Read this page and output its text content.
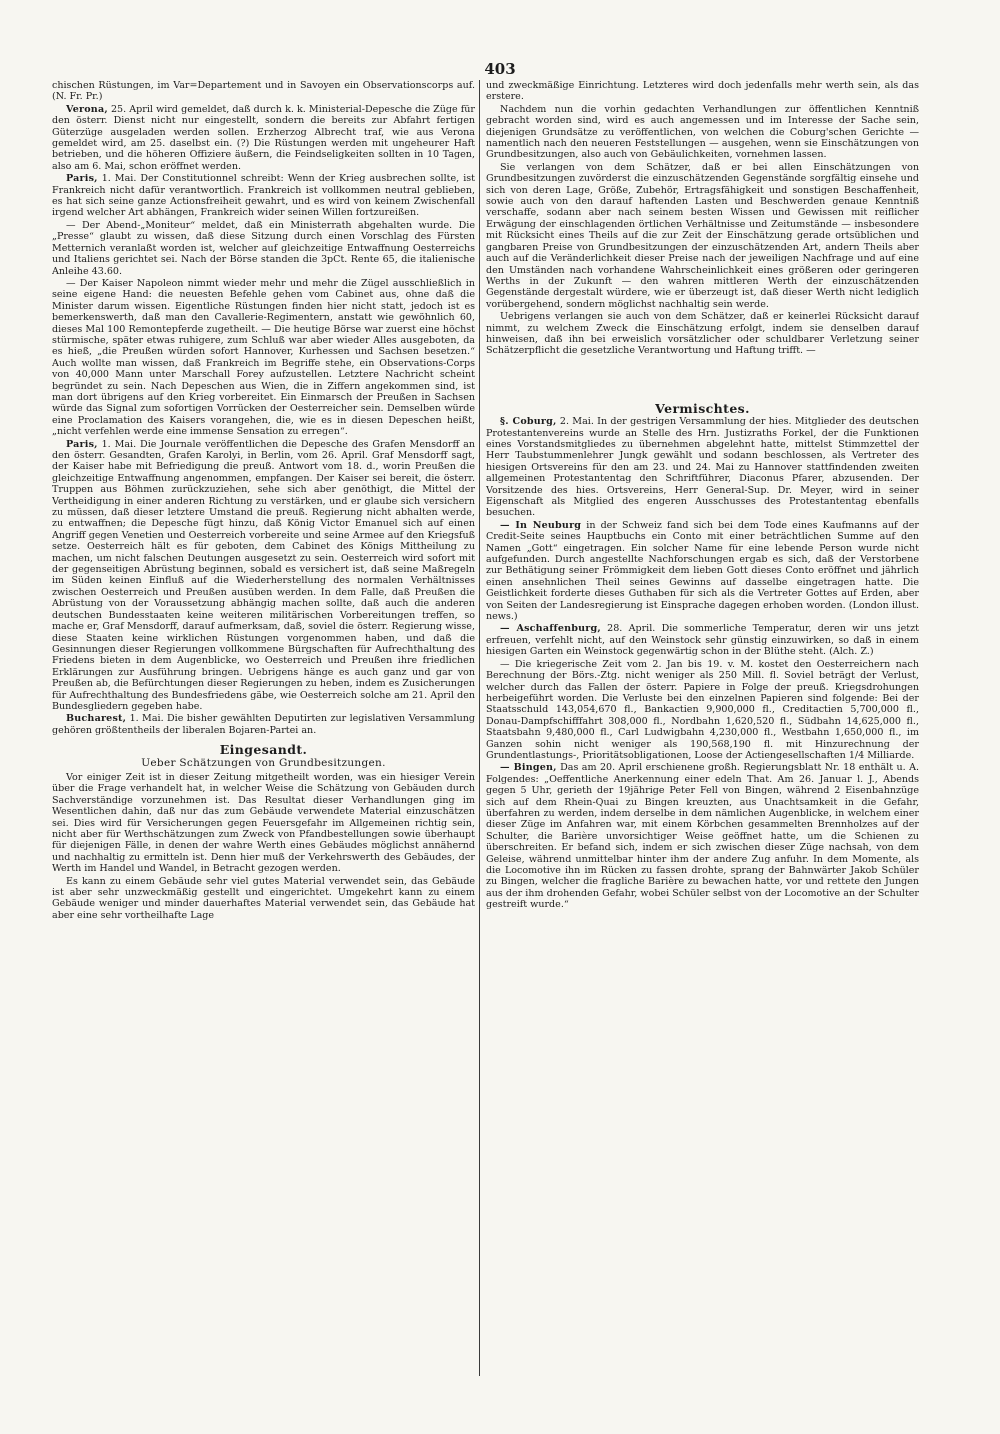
403

chischen Rüstungen, im Var=Departement und in Savoyen ein Observationscorps auf. (N. Fr. Pr.)

Verona, 25. April wird gemeldet, daß durch k. k. Ministerial-Depesche die Züge für den österr. Dienst nicht nur eingestellt, sondern die bereits zur Abfahrt fertigen Güterzüge ausgeladen werden sollen. Erzherzog Albrecht traf, wie aus Verona gemeldet wird, am 25. daselbst ein. (?) Die Rüstungen werden mit ungeheurer Haft betrieben, und die höheren Offiziere äußern, die Feindseligkeiten sollten in 10 Tagen, also am 6. Mai, schon eröffnet werden.

Paris, 1. Mai. Der Constitutionnel schreibt: Wenn der Krieg ausbrechen sollte, ist Frankreich nicht dafür verantwortlich. Frankreich ist vollkommen neutral geblieben, es hat sich seine ganze Actionsfreiheit gewahrt, und es wird von keinem Zwischenfall irgend welcher Art abhängen, Frankreich wider seinen Willen fortzureißen.

— Der Abend-„Moniteur“ meldet, daß ein Ministerrath abgehalten wurde. Die „Presse“ glaubt zu wissen, daß diese Sitzung durch einen Vorschlag des Fürsten Metternich veranlaßt worden ist, welcher auf gleichzeitige Entwaffnung Oesterreichs und Italiens gerichtet sei. Nach der Börse standen die 3pCt. Rente 65, die italienische Anleihe 43.60.

— Der Kaiser Napoleon nimmt wieder mehr und mehr die Zügel ausschließlich in seine eigene Hand: die neuesten Befehle gehen vom Cabinet aus, ohne daß die Minister darum wissen. Eigentliche Rüstungen finden hier nicht statt, jedoch ist es bemerkenswerth, daß man den Cavallerie-Regimentern, anstatt wie gewöhnlich 60, dieses Mal 100 Remontepferde zugetheilt. — Die heutige Börse war zuerst eine höchst stürmische, später etwas ruhigere, zum Schluß war aber wieder Alles ausgeboten, da es hieß, „die Preußen würden sofort Hannover, Kurhessen und Sachsen besetzen.“ Auch wollte man wissen, daß Frankreich im Begriffe stehe, ein Observations-Corps von 40,000 Mann unter Marschall Forey aufzustellen. Letztere Nachricht scheint begründet zu sein. Nach Depeschen aus Wien, die in Ziffern angekommen sind, ist man dort übrigens auf den Krieg vorbereitet. Ein Einmarsch der Preußen in Sachsen würde das Signal zum sofortigen Vorrücken der Oesterreicher sein. Demselben würde eine Proclamation des Kaisers vorangehen, die, wie es in diesen Depeschen heißt, „nicht verfehlen werde eine immense Sensation zu erregen“.

Paris, 1. Mai. Die Journale veröffentlichen die Depesche des Grafen Mensdorff an den österr. Gesandten, Grafen Karolyi, in Berlin, vom 26. April. Graf Mensdorff sagt, der Kaiser habe mit Befriedigung die preuß. Antwort vom 18. d., worin Preußen die gleichzeitige Entwaffnung angenommen, empfangen. Der Kaiser sei bereit, die österr. Truppen aus Böhmen zurückzuziehen, sehe sich aber genöthigt, die Mittel der Vertheidigung in einer anderen Richtung zu verstärken, und er glaube sich versichern zu müssen, daß dieser letztere Umstand die preuß. Regierung nicht abhalten werde, zu entwaffnen; die Depesche fügt hinzu, daß König Victor Emanuel sich auf einen Angriff gegen Venetien und Oesterreich vorbereite und seine Armee auf den Kriegsfuß setze. Oesterreich hält es für geboten, dem Cabinet des Königs Mittheilung zu machen, um nicht falschen Deutungen ausgesetzt zu sein. Oesterreich wird sofort mit der gegenseitigen Abrüstung beginnen, sobald es versichert ist, daß seine Maßregeln im Süden keinen Einfluß auf die Wiederherstellung des normalen Verhältnisses zwischen Oesterreich und Preußen ausüben werden. In dem Falle, daß Preußen die Abrüstung von der Voraussetzung abhängig machen sollte, daß auch die anderen deutschen Bundesstaaten keine weiteren militärischen Vorbereitungen treffen, so mache er, Graf Mensdorff, darauf aufmerksam, daß, soviel die österr. Regierung wisse, diese Staaten keine wirklichen Rüstungen vorgenommen haben, und daß die Gesinnungen dieser Regierungen vollkommene Bürgschaften für Aufrechthaltung des Friedens bieten in dem Augenblicke, wo Oesterreich und Preußen ihre friedlichen Erklärungen zur Ausführung bringen. Uebrigens hänge es auch ganz und gar von Preußen ab, die Befürchtungen dieser Regierungen zu heben, indem es Zusicherungen für Aufrechthaltung des Bundesfriedens gäbe, wie Oesterreich solche am 21. April den Bundesgliedern gegeben habe.

Bucharest, 1. Mai. Die bisher gewählten Deputirten zur legislativen Versammlung gehören größtentheils der liberalen Bojaren-Partei an.

Eingesandt.
Ueber Schätzungen von Grundbesitzungen.

Vor einiger Zeit ist in dieser Zeitung mitgetheilt worden, was ein hiesiger Verein über die Frage verhandelt hat, in welcher Weise die Schätzung von Gebäuden durch Sachverständige vorzunehmen ist. Das Resultat dieser Verhandlungen ging im Wesentlichen dahin, daß nur das zum Gebäude verwendete Material einzuschätzen sei. Dies wird für Versicherungen gegen Feuersgefahr im Allgemeinen richtig sein, nicht aber für Werthschätzungen zum Zweck von Pfandbestellungen sowie überhaupt für diejenigen Fälle, in denen der wahre Werth eines Gebäudes möglichst annähernd und nachhaltig zu ermitteln ist. Denn hier muß der Verkehrswerth des Gebäudes, der Werth im Handel und Wandel, in Betracht gezogen werden.

Es kann zu einem Gebäude sehr viel gutes Material verwendet sein, das Gebäude ist aber sehr unzweckmäßig gestellt und eingerichtet. Umgekehrt kann zu einem Gebäude weniger und minder dauerhaftes Material verwendet sein, das Gebäude hat aber eine sehr vortheilhafte Lage

und zweckmäßige Einrichtung. Letzteres wird doch jedenfalls mehr werth sein, als das erstere.

Nachdem nun die vorhin gedachten Verhandlungen zur öffentlichen Kenntniß gebracht worden sind, wird es auch angemessen und im Interesse der Sache sein, diejenigen Grundsätze zu veröffentlichen, von welchen die Coburg'schen Gerichte — namentlich nach den neueren Feststellungen — ausgehen, wenn sie Einschätzungen von Grundbesitzungen, also auch von Gebäulichkeiten, vornehmen lassen.

Sie verlangen von dem Schätzer, daß er bei allen Einschätzungen von Grundbesitzungen zuvörderst die einzuschätzenden Gegenstände sorgfältig einsehe und sich von deren Lage, Größe, Zubehör, Ertragsfähigkeit und sonstigen Beschaffenheit, sowie auch von den darauf haftenden Lasten und Beschwerden genaue Kenntniß verschaffe, sodann aber nach seinem besten Wissen und Gewissen mit reiflicher Erwägung der einschlagenden örtlichen Verhältnisse und Zeitumstände — insbesondere mit Rücksicht eines Theils auf die zur Zeit der Einschätzung gerade ortsüblichen und gangbaren Preise von Grundbesitzungen der einzuschätzenden Art, andern Theils aber auch auf die Veränderlichkeit dieser Preise nach der jeweiligen Nachfrage und auf eine den Umständen nach vorhandene Wahrscheinlichkeit eines größeren oder geringeren Werths in der Zukunft — den wahren mittleren Werth der einzuschätzenden Gegenstände dergestalt würdere, wie er überzeugt ist, daß dieser Werth nicht lediglich vorübergehend, sondern möglichst nachhaltig sein werde.

Uebrigens verlangen sie auch von dem Schätzer, daß er keinerlei Rücksicht darauf nimmt, zu welchem Zweck die Einschätzung erfolgt, indem sie denselben darauf hinweisen, daß ihn bei erweislich vorsätzlicher oder schuldbarer Verletzung seiner Schätzerpflicht die gesetzliche Verantwortung und Haftung trifft. —

Vermischtes.

§. Coburg, 2. Mai. In der gestrigen Versammlung der hies. Mitglieder des deutschen Protestantenvereins wurde an Stelle des Hrn. Justizraths Forkel, der die Funktionen eines Vorstandsmitgliedes zu übernehmen abgelehnt hatte, mittelst Stimmzettel der Herr Taubstummenlehrer Jungk gewählt und sodann beschlossen, als Vertreter des hiesigen Ortsvereins für den am 23. und 24. Mai zu Hannover stattfindenden zweiten allgemeinen Protestantentag den Schriftführer, Diaconus Pfarer, abzusenden. Der Vorsitzende des hies. Ortsvereins, Herr General-Sup. Dr. Meyer, wird in seiner Eigenschaft als Mitglied des engeren Ausschusses des Protestantentag ebenfalls besuchen.

— In Neuburg in der Schweiz fand sich bei dem Tode eines Kaufmanns auf der Credit-Seite seines Hauptbuchs ein Conto mit einer beträchtlichen Summe auf den Namen „Gott“ eingetragen. Ein solcher Name für eine lebende Person wurde nicht aufgefunden. Durch angestellte Nachforschungen ergab es sich, daß der Verstorbene zur Bethätigung seiner Frömmigkeit dem lieben Gott dieses Conto eröffnet und jährlich einen ansehnlichen Theil seines Gewinns auf dasselbe eingetragen hatte. Die Geistlichkeit forderte dieses Guthaben für sich als die Vertreter Gottes auf Erden, aber von Seiten der Landesregierung ist Einsprache dagegen erhoben worden. (London illust. news.)

— Aschaffenburg, 28. April. Die sommerliche Temperatur, deren wir uns jetzt erfreuen, verfehlt nicht, auf den Weinstock sehr günstig einzuwirken, so daß in einem hiesigen Garten ein Weinstock gegenwärtig schon in der Blüthe steht. (Alch. Z.)

— Die kriegerische Zeit vom 2. Jan bis 19. v. M. kostet den Oesterreichern nach Berechnung der Börs.-Ztg. nicht weniger als 250 Mill. fl. Soviel beträgt der Verlust, welcher durch das Fallen der österr. Papiere in Folge der preuß. Kriegsdrohungen herbeigeführt worden. Die Verluste bei den einzelnen Papieren sind folgende: Bei der Staatsschuld 143,054,670 fl., Bankactien 9,900,000 fl., Creditactien 5,700,000 fl., Donau-Dampfschifffahrt 308,000 fl., Nordbahn 1,620,520 fl., Südbahn 14,625,000 fl., Staatsbahn 9,480,000 fl., Carl Ludwigbahn 4,230,000 fl., Westbahn 1,650,000 fl., im Ganzen sohin nicht weniger als 190,568,190 fl. mit Hinzurechnung der Grundentlastungs-, Prioritätsobligationen, Loose der Actiengesellschaften 1/4 Milliarde.

— Bingen, Das am 20. April erschienene großh. Regierungsblatt Nr. 18 enthält u. A. Folgendes: „Oeffentliche Anerkennung einer edeln That. Am 26. Januar l. J., Abends gegen 5 Uhr, gerieth der 19jährige Peter Fell von Bingen, während 2 Eisenbahnzüge sich auf dem Rhein-Quai zu Bingen kreuzten, aus Unachtsamkeit in die Gefahr, überfahren zu werden, indem derselbe in dem nämlichen Augenblicke, in welchem einer dieser Züge im Anfahren war, mit einem Körbchen gesammelten Brennholzes auf der Schulter, die Barière unvorsichtiger Weise geöffnet hatte, um die Schienen zu überschreiten. Er befand sich, indem er sich zwischen dieser Züge nachsah, von dem Geleise, während unmittelbar hinter ihm der andere Zug anfuhr. In dem Momente, als die Locomotive ihn im Rücken zu fassen drohte, sprang der Bahnwärter Jakob Schüler zu Bingen, welcher die fragliche Barière zu bewachen hatte, vor und rettete den Jungen aus der ihm drohenden Gefahr, wobei Schüler selbst von der Locomotive an der Schulter gestreift wurde.“
